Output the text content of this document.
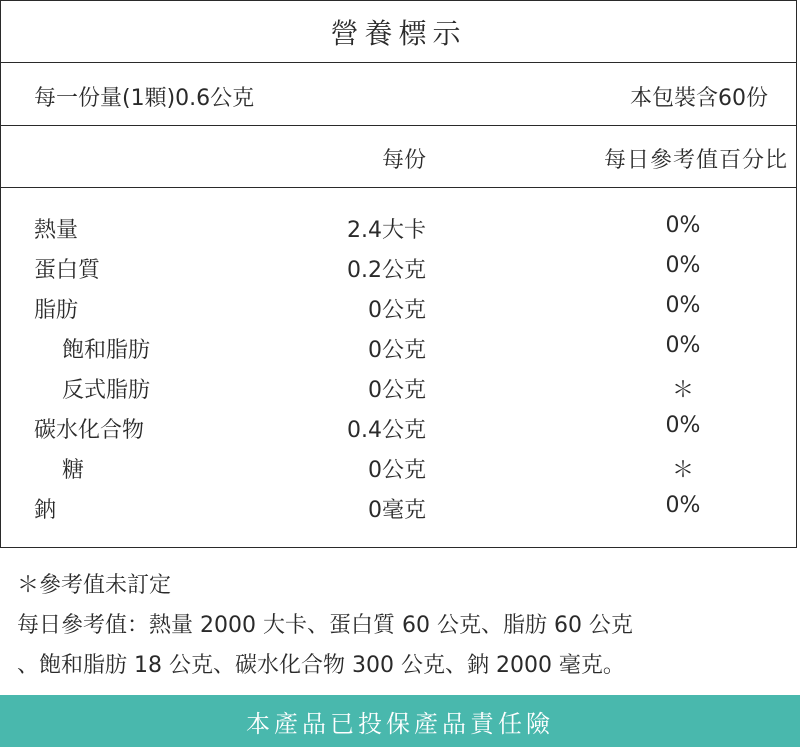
營養標示
每一份量(1顆)0.6公克	本包裝含60份
每份	每日參考值百分比
熱量	2.4大卡	0%
蛋白質	0.2公克	0%
脂肪	0公克	0%
飽和脂肪	0公克	0%
反式脂肪	0公克	＊
碳水化合物	0.4公克	0%
糖	0公克	＊
鈉	0毫克	0%
＊參考值未訂定
每日參考值：熱量 2000 大卡、蛋白質 60 公克、脂肪 60 公克
、飽和脂肪 18 公克、碳水化合物 300 公克、鈉 2000 毫克。
本產品已投保產品責任險
